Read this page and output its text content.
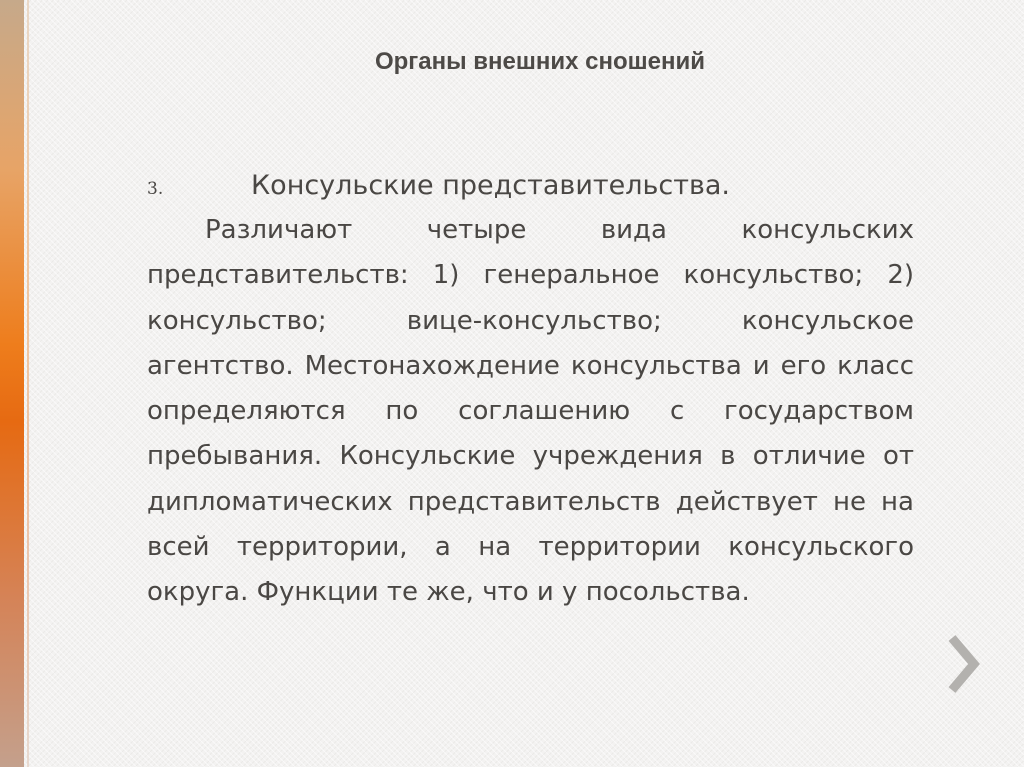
Органы внешних сношений
3.	Консульские представительства.

Различают четыре вида консульских представительств: 1) генеральное консульство; 2) консульство; вице-консульство; консульское агентство. Местонахождение консульства и его класс определяются по соглашению с государством пребывания. Консульские учреждения в отличие от дипломатических представительств действует не на всей территории, а на территории консульского округа. Функции те же, что и у посольства.
